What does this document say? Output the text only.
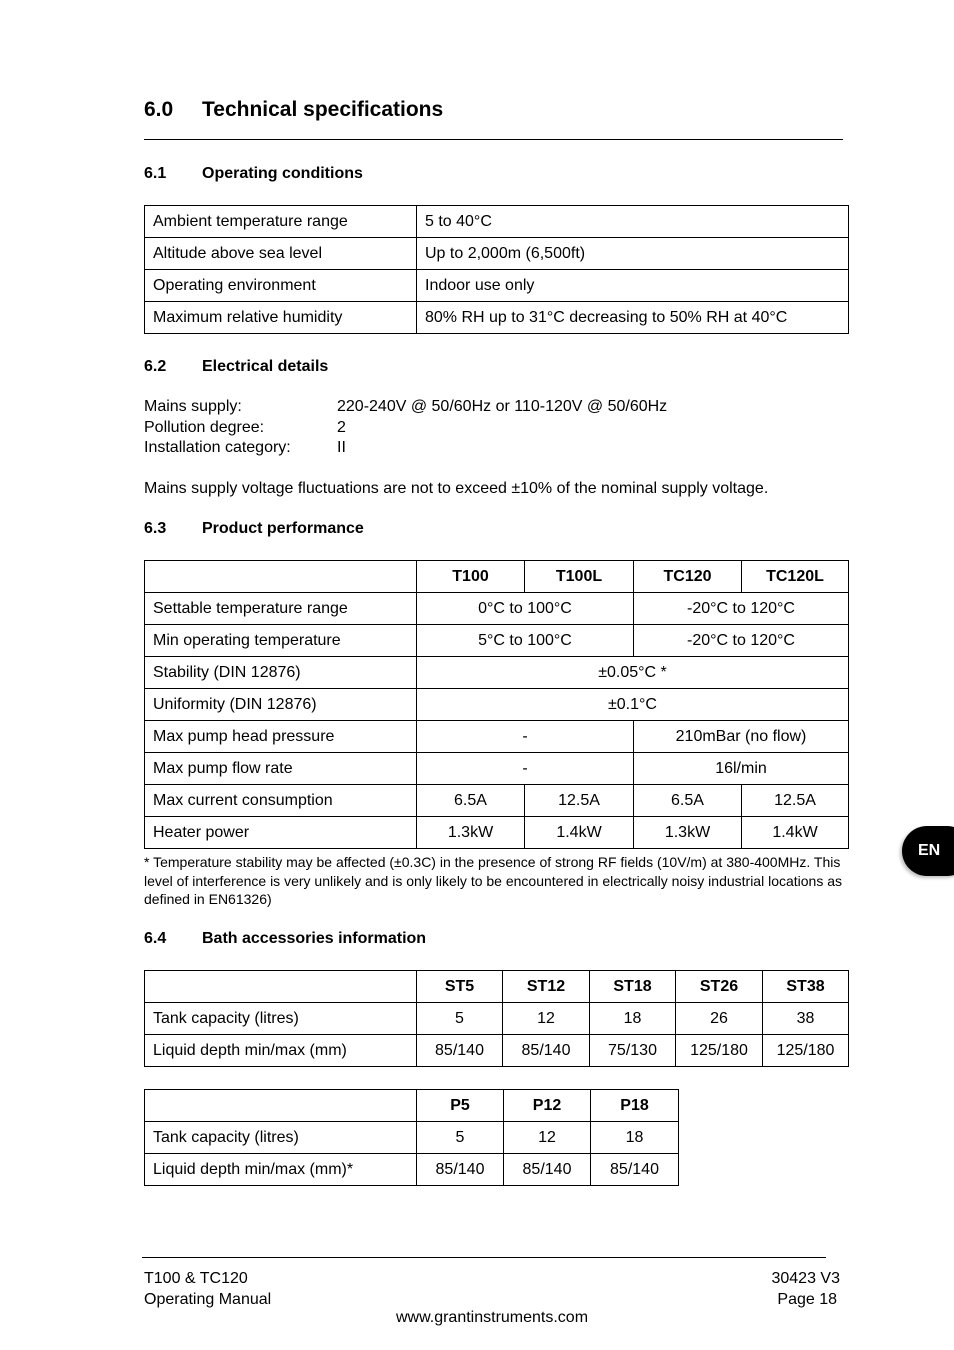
6.0 Technical specifications
6.1 Operating conditions
Ambient temperature range	5 to 40°C
Altitude above sea level	Up to 2,000m (6,500ft)
Operating environment	Indoor use only
Maximum relative humidity	80% RH up to 31°C decreasing to 50% RH at 40°C
6.2 Electrical details
Mains supply:	220-240V @ 50/60Hz or 110-120V @ 50/60Hz
Pollution degree:	2
Installation category:	II
Mains supply voltage fluctuations are not to exceed ±10% of the nominal supply voltage.
6.3 Product performance
	T100	T100L	TC120	TC120L
Settable temperature range	0°C to 100°C		-20°C to 120°C	
Min operating temperature	5°C to 100°C		-20°C to 120°C	
Stability (DIN 12876)	±0.05°C *			
Uniformity (DIN 12876)	±0.1°C			
Max pump head pressure	-		210mBar (no flow)	
Max pump flow rate	-		16l/min	
Max current consumption	6.5A	12.5A	6.5A	12.5A
Heater power	1.3kW	1.4kW	1.3kW	1.4kW
* Temperature stability may be affected (±0.3C) in the presence of strong RF fields (10V/m) at 380-400MHz. This level of interference is very unlikely and is only likely to be encountered in electrically noisy industrial locations as defined in EN61326)
6.4 Bath accessories information
	ST5	ST12	ST18	ST26	ST38
Tank capacity (litres)	5	12	18	26	38
Liquid depth min/max (mm)	85/140	85/140	75/130	125/180	125/180
	P5	P12	P18
Tank capacity (litres)	5	12	18
Liquid depth min/max (mm)*	85/140	85/140	85/140
EN
T100 & TC120
Operating Manual
30423 V3
Page 18
www.grantinstruments.com
